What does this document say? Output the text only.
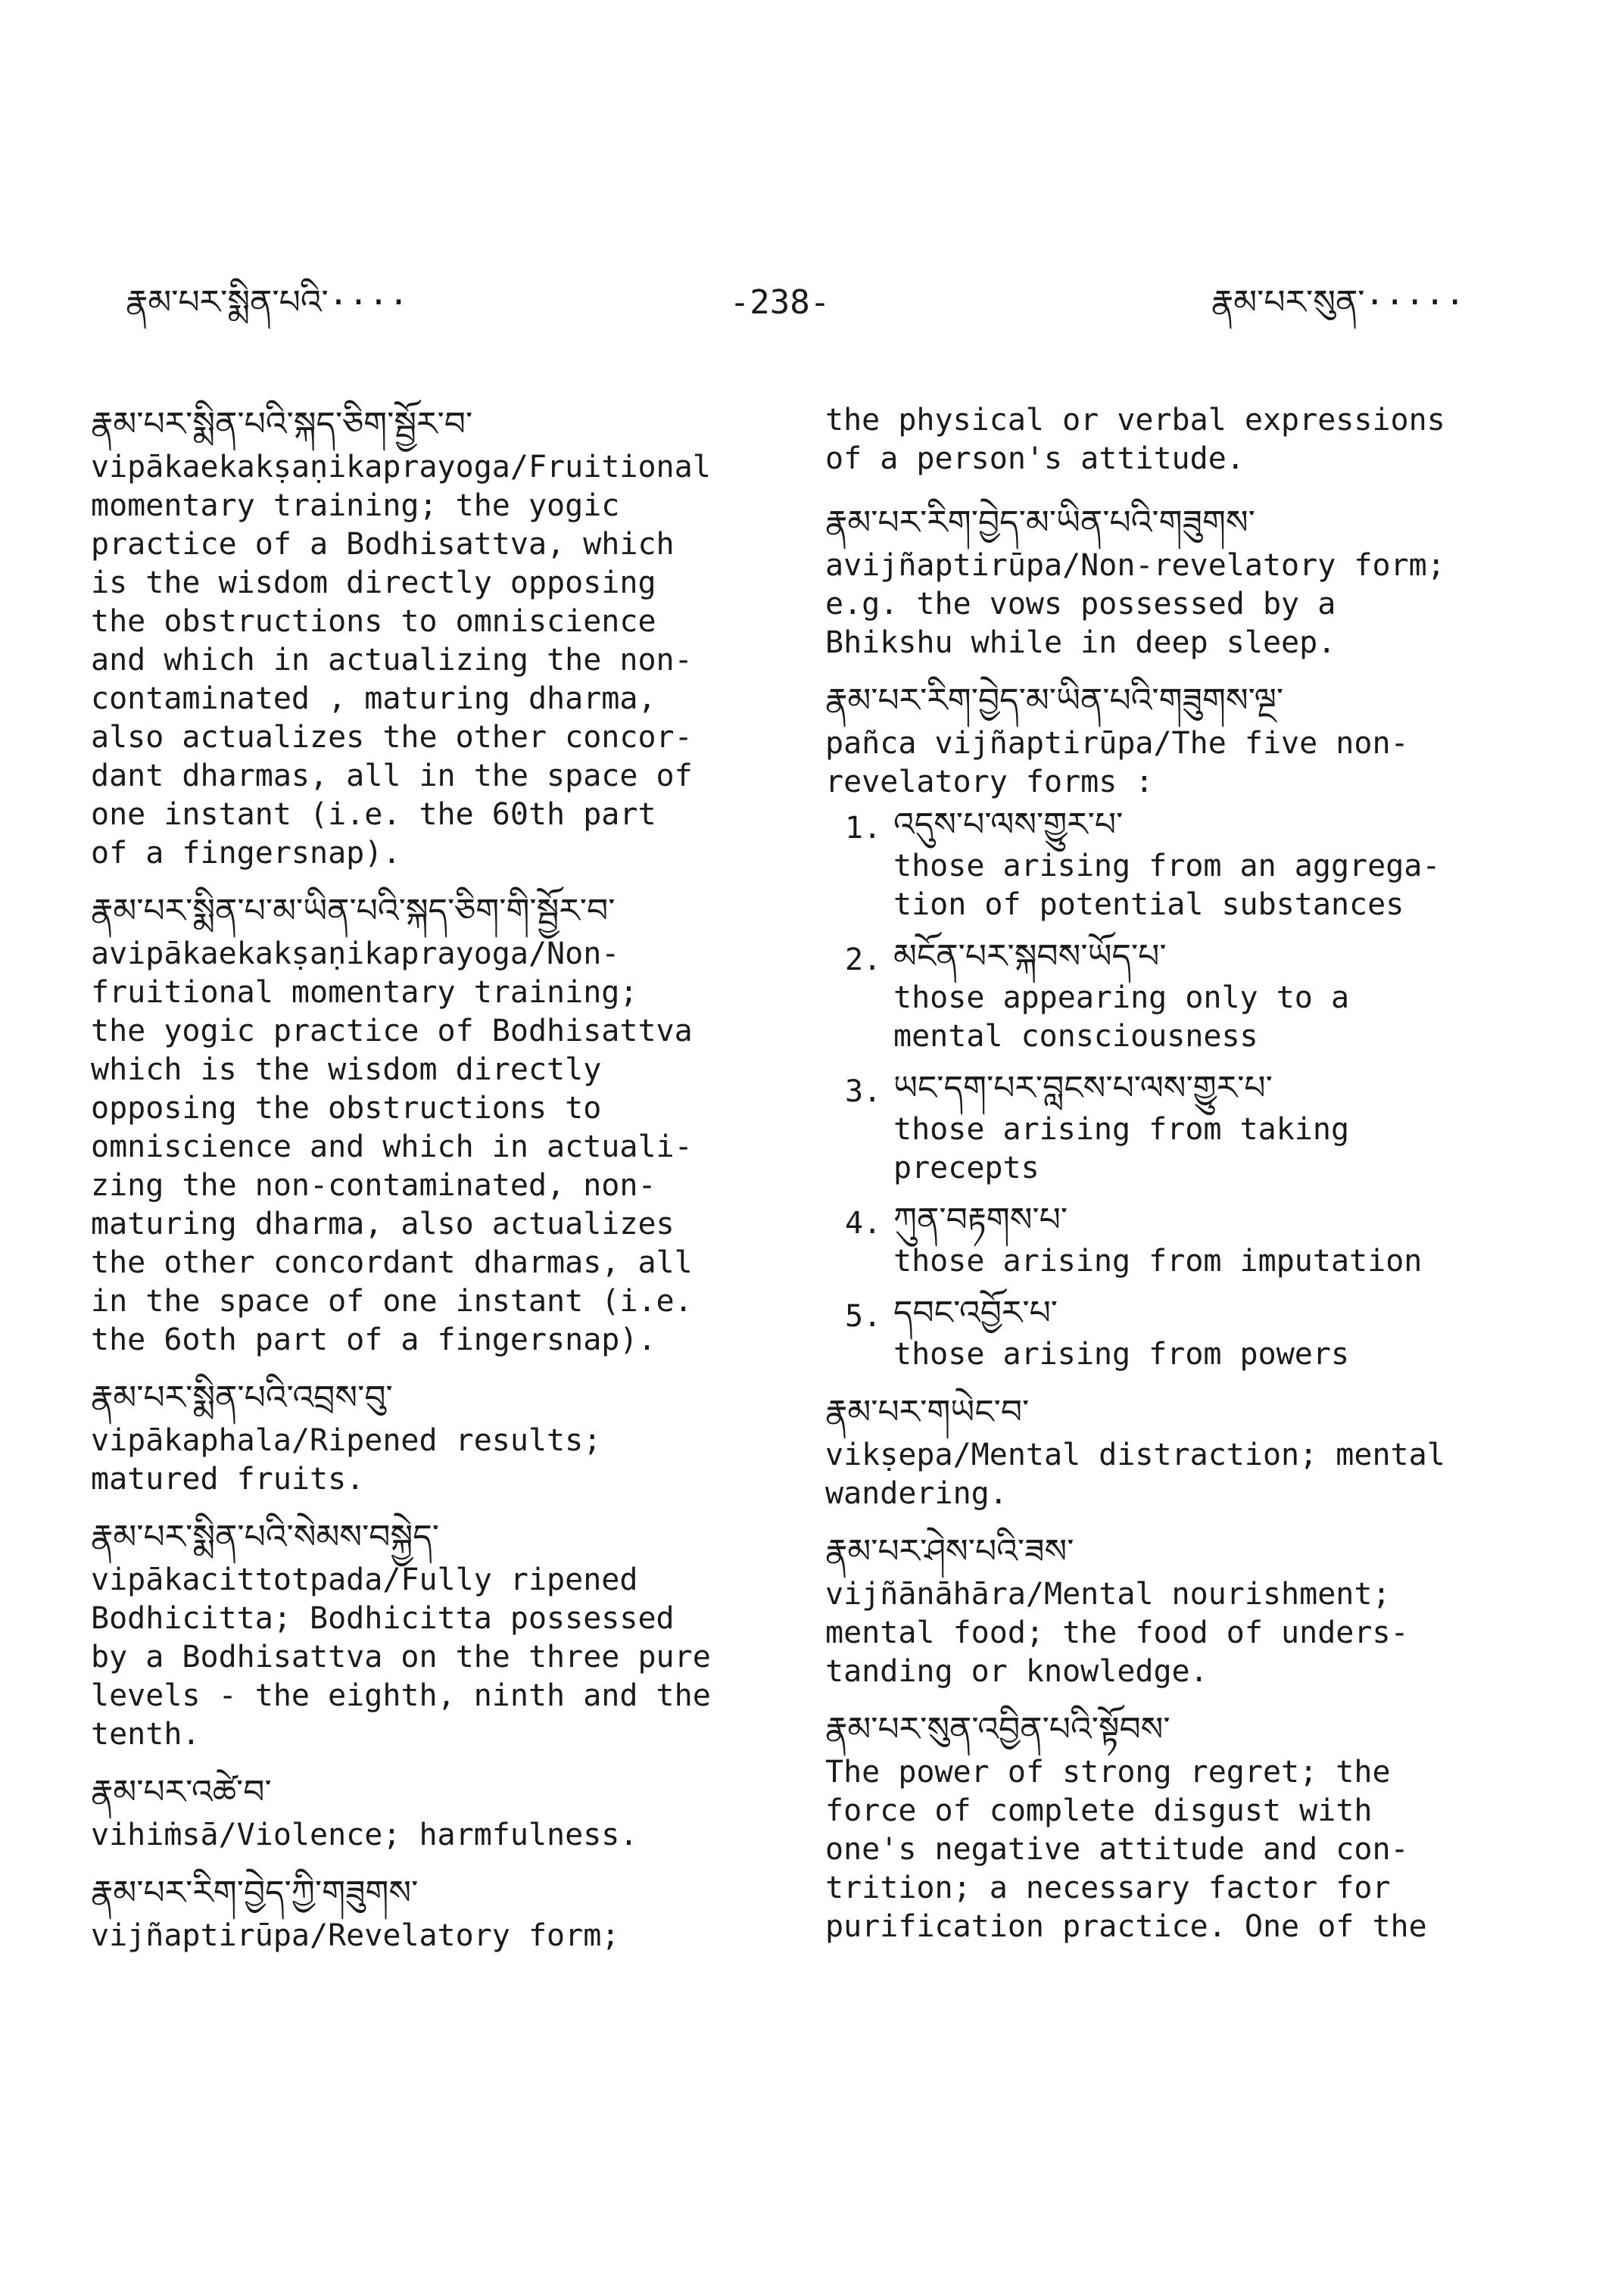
རྣམ་པར་སྨིན་པའི་····	-238-	རྣམ་པར་སུན་·····
རྣམ་པར་སྨིན་པའི་སྐད་ཅིག་སྦྱོར་བ་
vipākaekakṣaṇikaprayoga/Fruitional
momentary training; the yogic
practice of a Bodhisattva, which
is the wisdom directly opposing
the obstructions to omniscience
and which in actualizing the non-
contaminated , maturing dharma,
also actualizes the other concor-
dant dharmas, all in the space of
one instant (i.e. the 60th part
of a fingersnap).
རྣམ་པར་སྨིན་པ་མ་ཡིན་པའི་སྐད་ཅིག་གི་སྦྱོར་བ་
avipākaekakṣaṇikaprayoga/Non-
fruitional momentary training;
the yogic practice of Bodhisattva
which is the wisdom directly
opposing the obstructions to
omniscience and which in actuali-
zing the non-contaminated, non-
maturing dharma, also actualizes
the other concordant dharmas, all
in the space of one instant (i.e.
the 6oth part of a fingersnap).
རྣམ་པར་སྨིན་པའི་འབྲས་བུ་
vipākaphala/Ripened results;
matured fruits.
རྣམ་པར་སྨིན་པའི་སེམས་བསྐྱེད་
vipākacittotpada/Fully ripened
Bodhicitta; Bodhicitta possessed
by a Bodhisattva on the three pure
levels - the eighth, ninth and the
tenth.
རྣམ་པར་འཚེ་བ་
vihiṁsā/Violence; harmfulness.
རྣམ་པར་རིག་བྱེད་ཀྱི་གཟུགས་
vijñaptirūpa/Revelatory form;
the physical or verbal expressions
of a person's attitude.
རྣམ་པར་རིག་བྱེད་མ་ཡིན་པའི་གཟུགས་
avijñaptirūpa/Non-revelatory form;
e.g. the vows possessed by a
Bhikshu while in deep sleep.
རྣམ་པར་རིག་བྱེད་མ་ཡིན་པའི་གཟུགས་ལྔ་
pañca vijñaptirūpa/The five non-
revelatory forms :
1. འདུས་པ་ལས་གྱུར་པ་
those arising from an aggrega-
tion of potential substances
2. མངོན་པར་སྐབས་ཡོད་པ་
those appearing only to a
mental consciousness
3. ཡང་དག་པར་བླངས་པ་ལས་གྱུར་པ་
those arising from taking
precepts
4. ཀུན་བརྟགས་པ་
those arising from imputation
5. དབང་འབྱོར་པ་
those arising from powers
རྣམ་པར་གཡེང་བ་
vikṣepa/Mental distraction; mental
wandering.
རྣམ་པར་ཤེས་པའི་ཟས་
vijñānāhāra/Mental nourishment;
mental food; the food of unders-
tanding or knowledge.
རྣམ་པར་སུན་འབྱིན་པའི་སྟོབས་
The power of strong regret; the
force of complete disgust with
one's negative attitude and con-
trition; a necessary factor for
purification practice. One of the
